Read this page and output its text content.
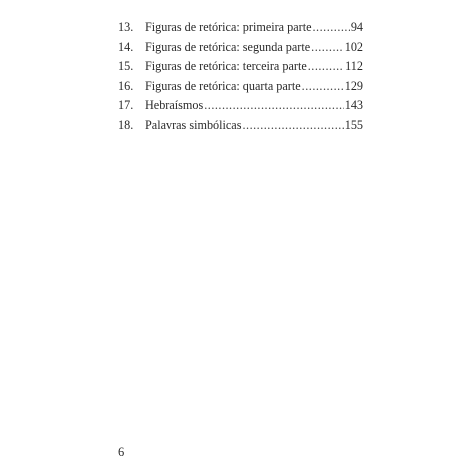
13. Figuras de retórica: primeira parte .....	94
14. Figuras de retórica: segunda parte .....	102
15. Figuras de retórica: terceira parte .....	112
16. Figuras de retórica: quarta parte .....	129
17. Hebraísmos .....	143
18. Palavras simbólicas .....	155
6
